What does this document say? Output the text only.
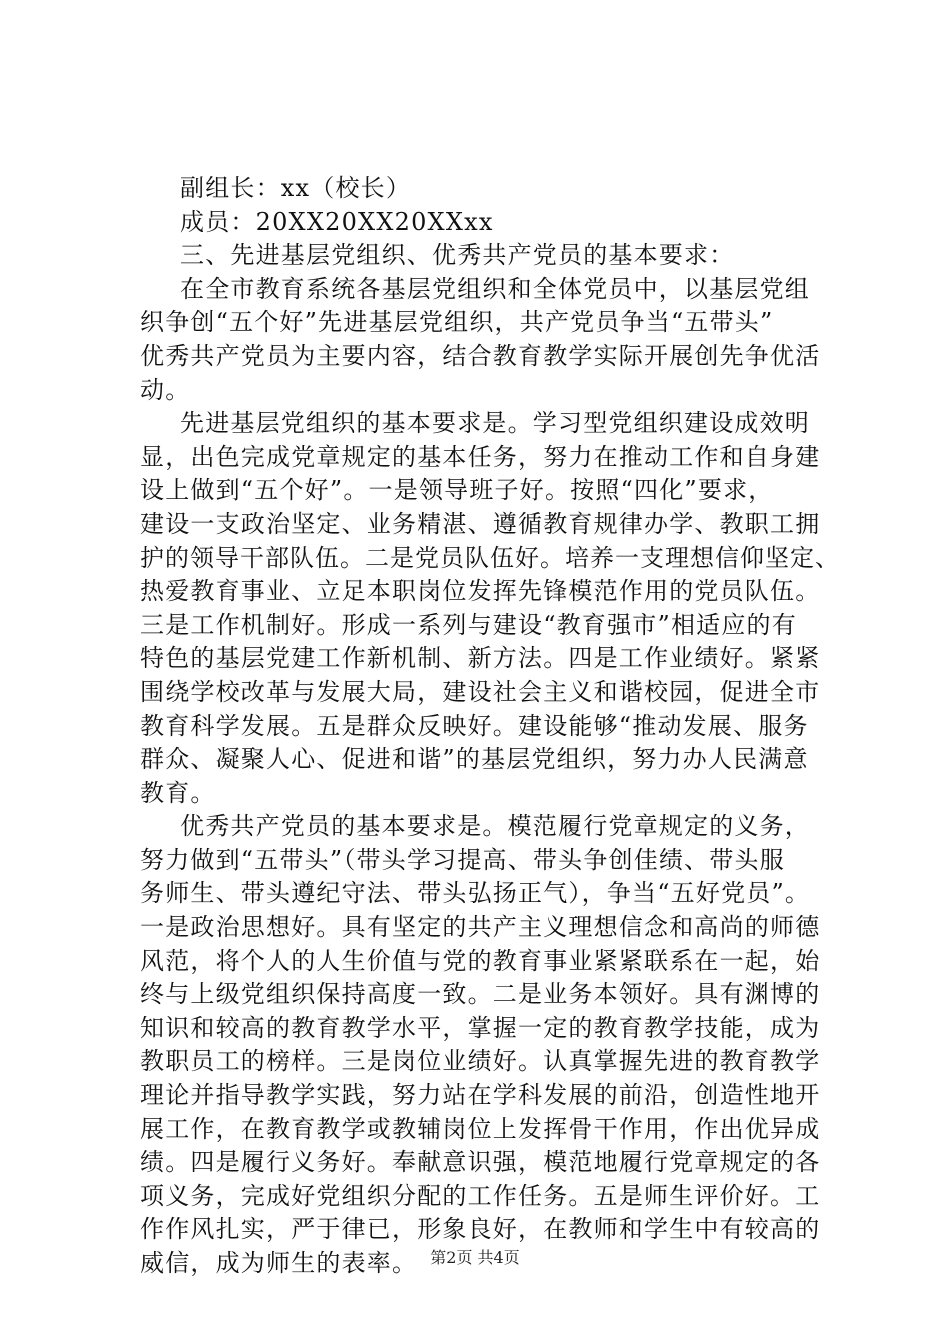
副组长：xx（校长）
成员：20XX20XX20XXxx
三、先进基层党组织、优秀共产党员的基本要求：
在全市教育系统各基层党组织和全体党员中，以基层党组
织争创“五个好”先进基层党组织，共产党员争当“五带头”
优秀共产党员为主要内容，结合教育教学实际开展创先争优活
动。
先进基层党组织的基本要求是。学习型党组织建设成效明
显，出色完成党章规定的基本任务，努力在推动工作和自身建
设上做到“五个好”。一是领导班子好。按照“四化”要求，
建设一支政治坚定、业务精湛、遵循教育规律办学、教职工拥
护的领导干部队伍。二是党员队伍好。培养一支理想信仰坚定、
热爱教育事业、立足本职岗位发挥先锋模范作用的党员队伍。
三是工作机制好。形成一系列与建设“教育强市”相适应的有
特色的基层党建工作新机制、新方法。四是工作业绩好。紧紧
围绕学校改革与发展大局，建设社会主义和谐校园，促进全市
教育科学发展。五是群众反映好。建设能够“推动发展、服务
群众、凝聚人心、促进和谐”的基层党组织，努力办人民满意
教育。
优秀共产党员的基本要求是。模范履行党章规定的义务，
努力做到“五带头”（带头学习提高、带头争创佳绩、带头服
务师生、带头遵纪守法、带头弘扬正气），争当“五好党员”。
一是政治思想好。具有坚定的共产主义理想信念和高尚的师德
风范，将个人的人生价值与党的教育事业紧紧联系在一起，始
终与上级党组织保持高度一致。二是业务本领好。具有渊博的
知识和较高的教育教学水平，掌握一定的教育教学技能，成为
教职员工的榜样。三是岗位业绩好。认真掌握先进的教育教学
理论并指导教学实践，努力站在学科发展的前沿，创造性地开
展工作，在教育教学或教辅岗位上发挥骨干作用，作出优异成
绩。四是履行义务好。奉献意识强，模范地履行党章规定的各
项义务，完成好党组织分配的工作任务。五是师生评价好。工
作作风扎实，严于律已，形象良好，在教师和学生中有较高的
威信，成为师生的表率。 第2页 共4页
